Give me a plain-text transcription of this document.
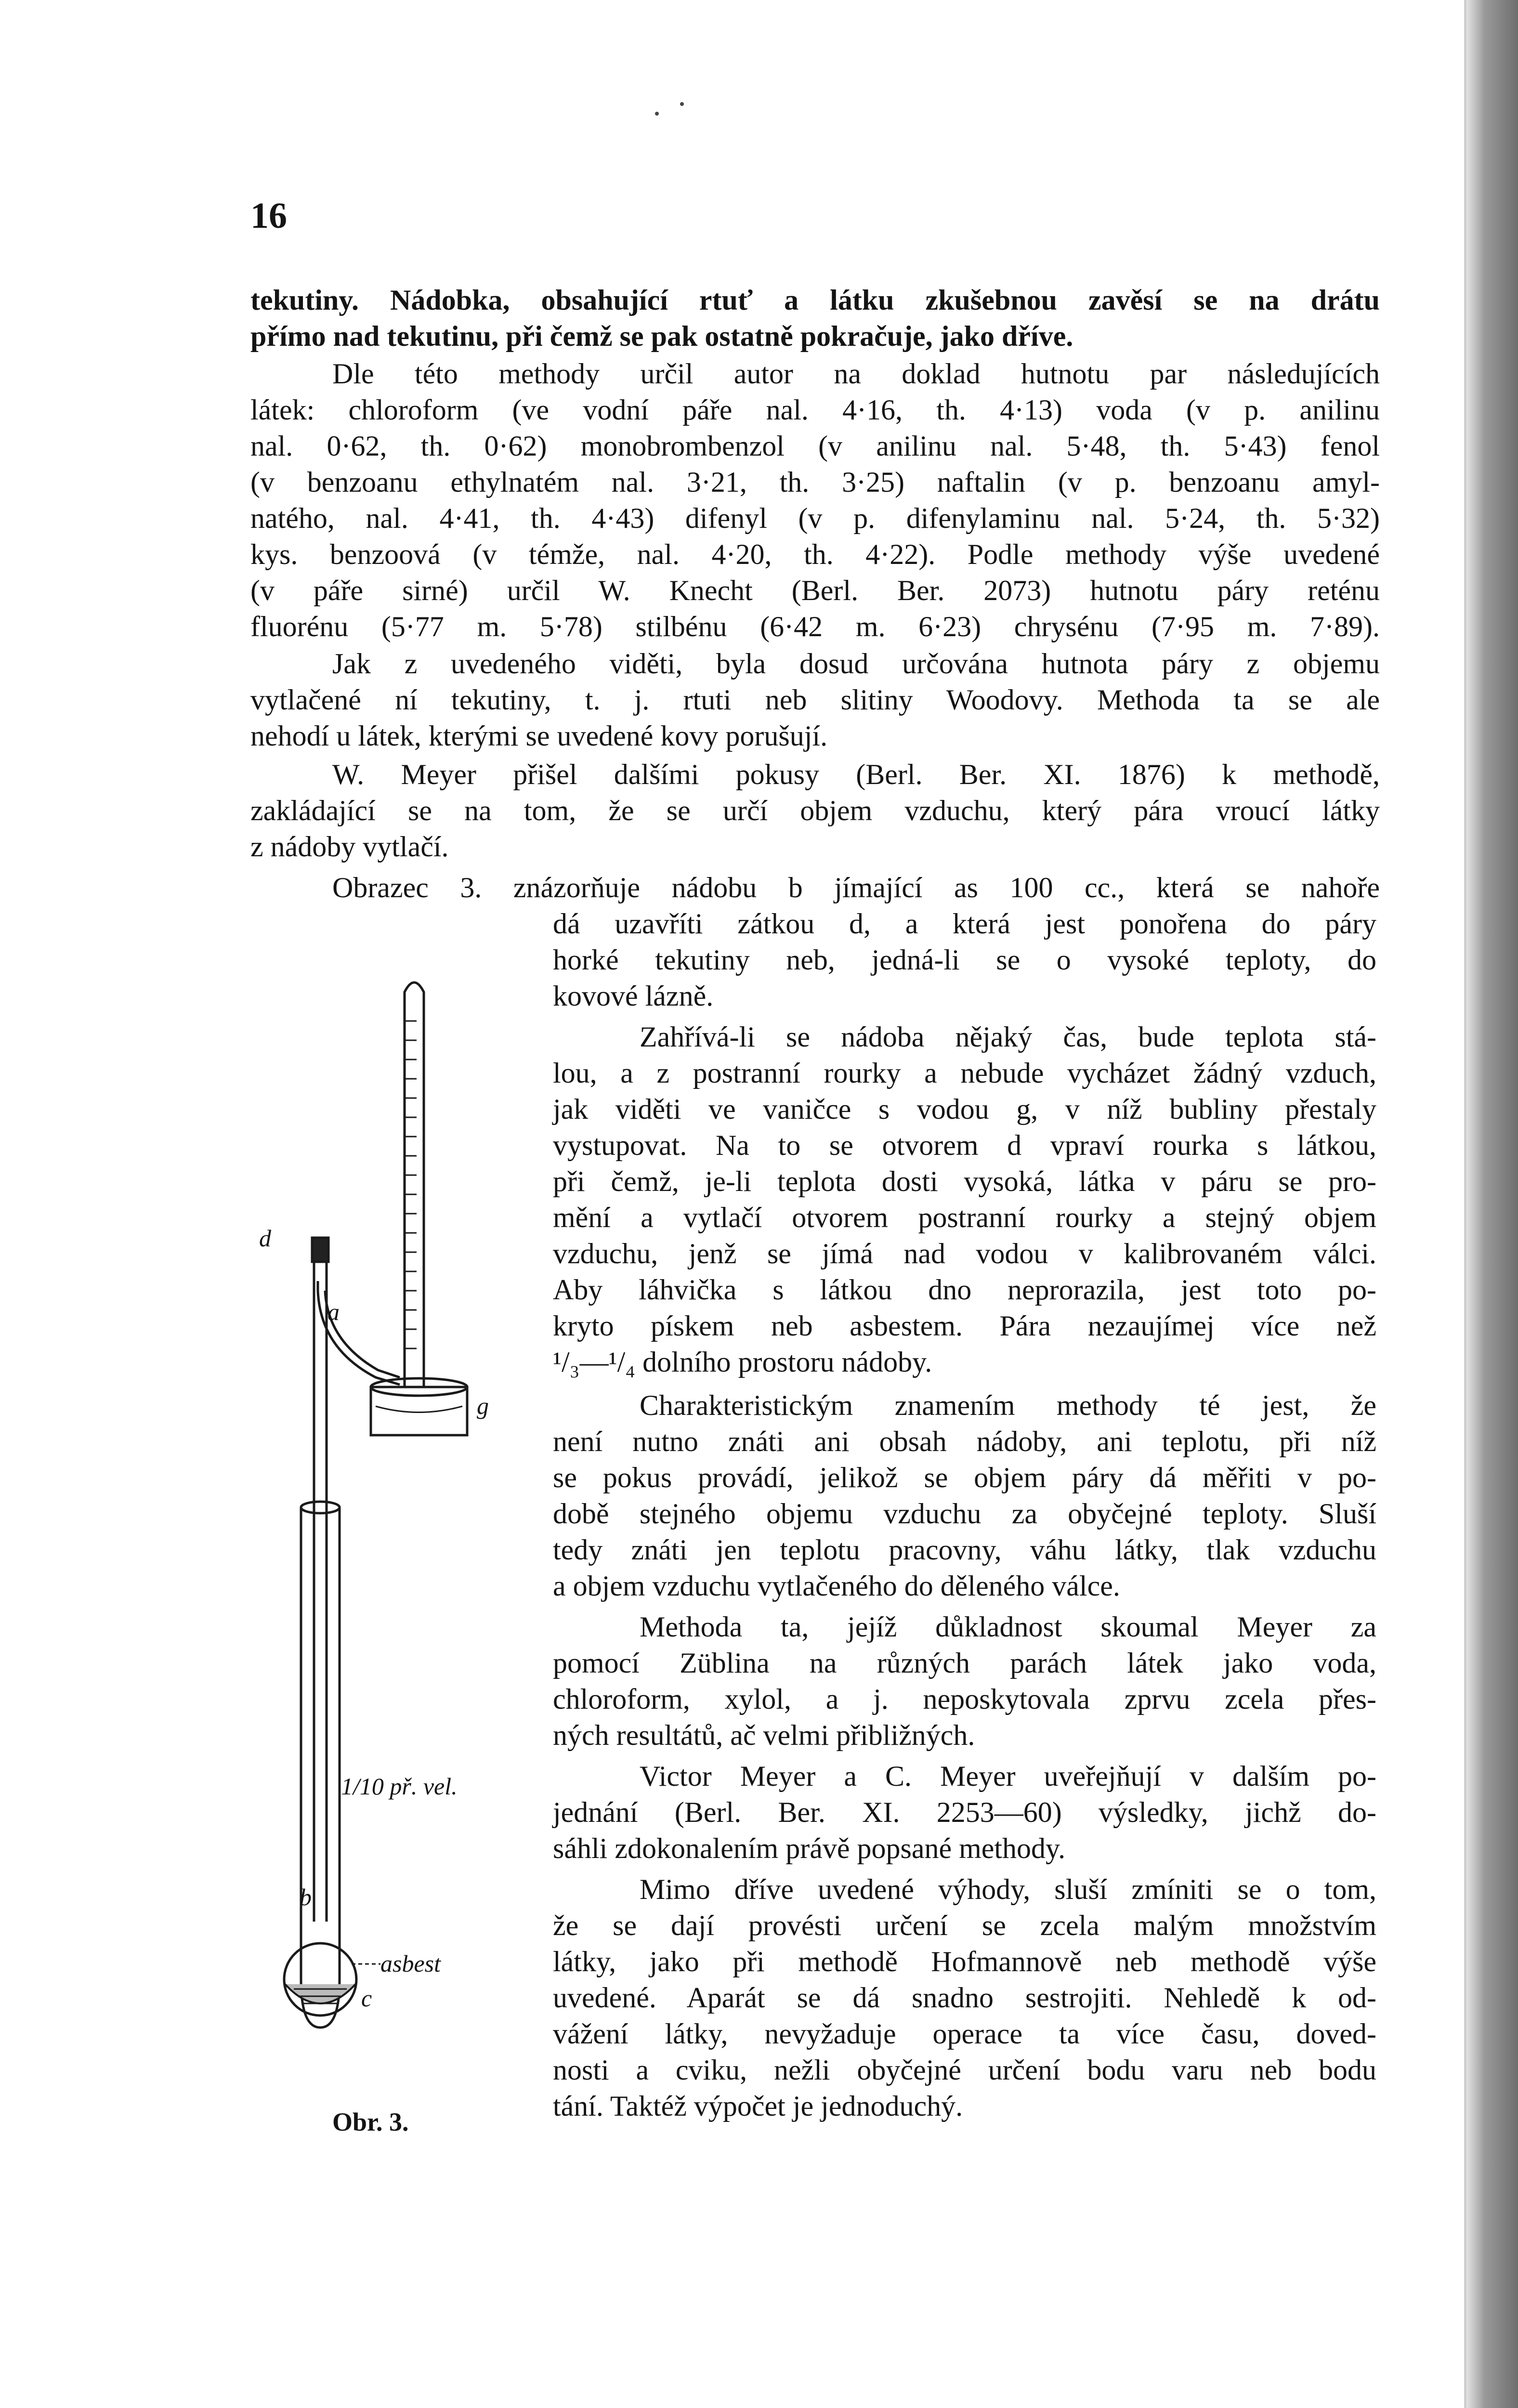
16
tekutiny. Nádobka, obsahující rtuť a látku zkušebnou zavěsí se na drátu
přímo nad tekutinu, při čemž se pak ostatně pokračuje, jako dříve.
Dle této methody určil autor na doklad hutnotu par následujících
látek: chloroform (ve vodní páře nal. 4·16, th. 4·13) voda (v p. anilinu
nal. 0·62, th. 0·62) monobrombenzol (v anilinu nal. 5·48, th. 5·43) fenol
(v benzoanu ethylnatém nal. 3·21, th. 3·25) naftalin (v p. benzoanu amyl-
natého, nal. 4·41, th. 4·43) difenyl (v p. difenylaminu nal. 5·24, th. 5·32)
kys. benzoová (v témže, nal. 4·20, th. 4·22). Podle methody výše uvedené
(v páře sirné) určil W. Knecht (Berl. Ber. 2073) hutnotu páry reténu
fluorénu (5·77 m. 5·78) stilbénu (6·42 m. 6·23) chrysénu (7·95 m. 7·89).
Jak z uvedeného viděti, byla dosud určována hutnota páry z objemu
vytlačené ní tekutiny, t. j. rtuti neb slitiny Woodovy. Methoda ta se ale
nehodí u látek, kterými se uvedené kovy porušují.
W. Meyer přišel dalšími pokusy (Berl. Ber. XI. 1876) k methodě,
zakládající se na tom, že se určí objem vzduchu, který pára vroucí látky
z nádoby vytlačí.
Obrazec 3. znázorňuje nádobu b jímající as 100 cc., která se nahoře
dá uzavříti zátkou d, a která jest ponořena do páry
horké tekutiny neb, jedná-li se o vysoké teploty, do
kovové lázně.
Zahřívá-li se nádoba nějaký čas, bude teplota stá-
lou, a z postranní rourky a nebude vycházet žádný vzduch,
jak viděti ve vaničce s vodou g, v níž bubliny přestaly
vystupovat. Na to se otvorem d vpraví rourka s látkou,
při čemž, je-li teplota dosti vysoká, látka v páru se pro-
mění a vytlačí otvorem postranní rourky a stejný objem
vzduchu, jenž se jímá nad vodou v kalibrovaném válci.
Aby láhvička s látkou dno neprorazila, jest toto po-
kryto pískem neb asbestem. Pára nezaujímej více než
¹/₃—¹/₄ dolního prostoru nádoby.
Charakteristickým znamením methody té jest, že
není nutno znáti ani obsah nádoby, ani teplotu, při níž
se pokus provádí, jelikož se objem páry dá měřiti v po-
době stejného objemu vzduchu za obyčejné teploty. Sluší
tedy znáti jen teplotu pracovny, váhu látky, tlak vzduchu
a objem vzduchu vytlačeného do děleného válce.
Methoda ta, jejíž důkladnost skoumal Meyer za
pomocí Züblina na různých parách látek jako voda,
chloroform, xylol, a j. neposkytovala zprvu zcela přes-
ných resultátů, ač velmi přibližných.
Victor Meyer a C. Meyer uveřejňují v dalším po-
jednání (Berl. Ber. XI. 2253—60) výsledky, jichž do-
sáhli zdokonalením právě popsané methody.
Mimo dříve uvedené výhody, sluší zmíniti se o tom,
že se dají provésti určení se zcela malým množstvím
látky, jako při methodě Hofmannově neb methodě výše
uvedené. Aparát se dá snadno sestrojiti. Nehledě k od-
vážení látky, nevyžaduje operace ta více času, doved-
nosti a cviku, nežli obyčejné určení bodu varu neb bodu
tání. Taktéž výpočet je jednoduchý.
d
a
g
1/10 př. vel.
b
asbest
c
Obr. 3.
